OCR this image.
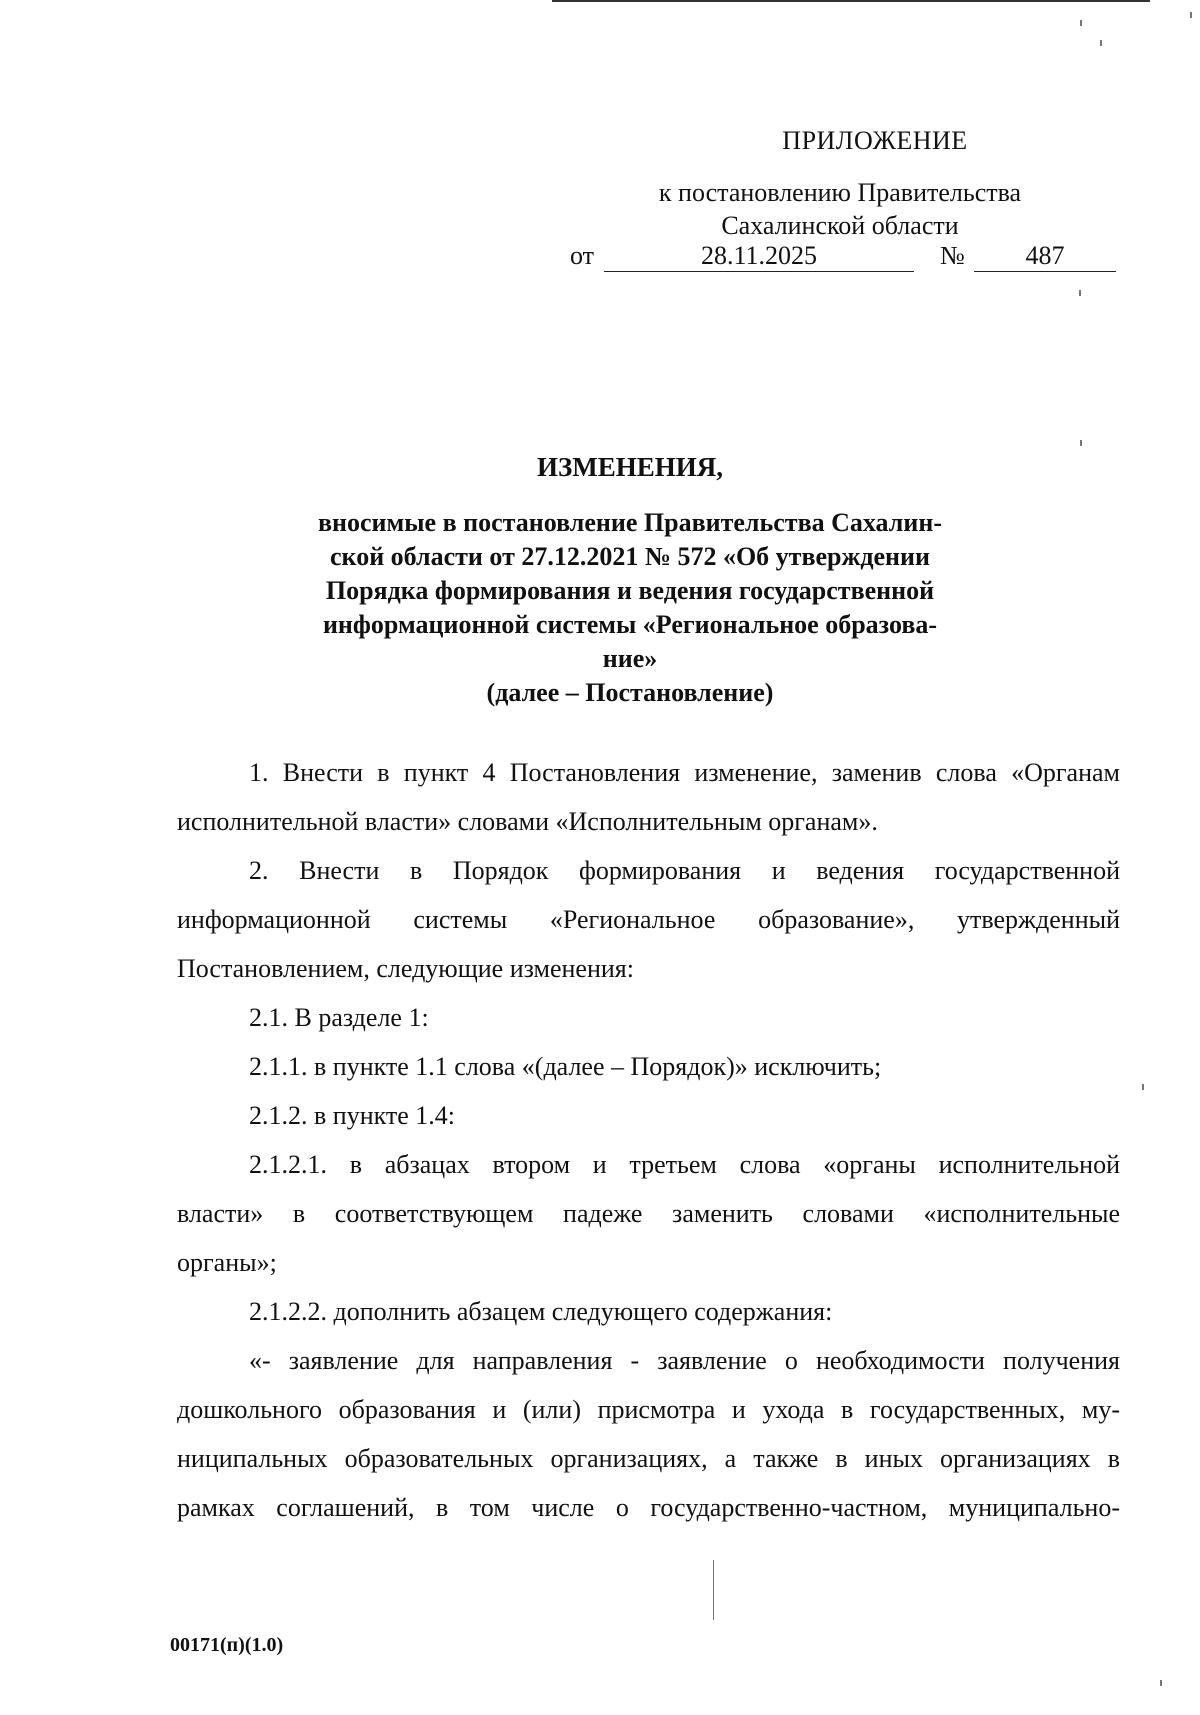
ПРИЛОЖЕНИЕ
к постановлению Правительства
Сахалинской области
от	28.11.2025	№	487
ИЗМЕНЕНИЯ,
вносимые в постановление Правительства Сахалин-
ской области от 27.12.2021 № 572 «Об утверждении
Порядка формирования и ведения государственной
информационной системы «Региональное образова-
ние»
(далее – Постановление)
1. Внести в пункт 4 Постановления изменение, заменив слова «Органам
исполнительной власти» словами «Исполнительным органам».
2. Внести в Порядок формирования и ведения государственной
информационной системы «Региональное образование», утвержденный
Постановлением, следующие изменения:
2.1. В разделе 1:
2.1.1. в пункте 1.1 слова «(далее – Порядок)» исключить;
2.1.2. в пункте 1.4:
2.1.2.1. в абзацах втором и третьем слова «органы исполнительной
власти» в соответствующем падеже заменить словами «исполнительные
органы»;
2.1.2.2. дополнить абзацем следующего содержания:
«- заявление для направления - заявление о необходимости получения
дошкольного образования и (или) присмотра и ухода в государственных, му-
ниципальных образовательных организациях, а также в иных организациях в
рамках соглашений, в том числе о государственно-частном, муниципально-
00171(п)(1.0)
